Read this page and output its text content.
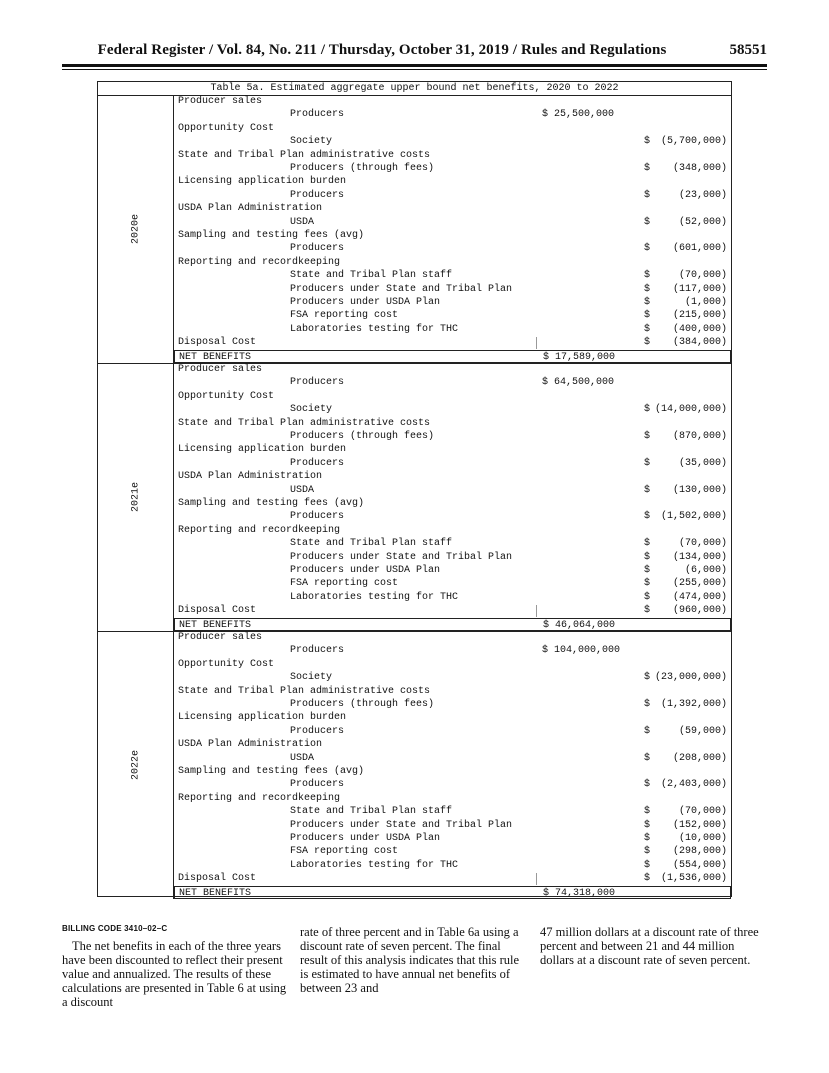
Federal Register / Vol. 84, No. 211 / Thursday, October 31, 2019 / Rules and Regulations	58551
Table 5a. Estimated aggregate upper bound net benefits, 2020 to 2022
2020e
Producer sales
Producers	$ 25,500,000
Opportunity Cost
Society	$ (5,700,000)
State and Tribal Plan administrative costs
Producers (through fees)	$ (348,000)
Licensing application burden
Producers	$	(23,000)
USDA Plan Administration
USDA	$	(52,000)
Sampling and testing fees (avg)
Producers	$ (601,000)
Reporting and recordkeeping
State and Tribal Plan staff	$	(70,000)
Producers under State and Tribal Plan	$ (117,000)
Producers under USDA Plan	$	(1,000)
FSA reporting cost	$ (215,000)
Laboratories testing for THC	$ (400,000)
Disposal Cost	$ (384,000)
NET BENEFITS	$ 17,589,000
2021e
Producer sales
Producers	$ 64,500,000
Opportunity Cost
Society	$ (14,000,000)
State and Tribal Plan administrative costs
Producers (through fees)	$ (870,000)
Licensing application burden
Producers	$	(35,000)
USDA Plan Administration
USDA	$ (130,000)
Sampling and testing fees (avg)
Producers	$ (1,502,000)
Reporting and recordkeeping
State and Tribal Plan staff	$	(70,000)
Producers under State and Tribal Plan	$ (134,000)
Producers under USDA Plan	$	(6,000)
FSA reporting cost	$ (255,000)
Laboratories testing for THC	$ (474,000)
Disposal Cost	$ (960,000)
NET BENEFITS	$ 46,064,000
2022e
Producer sales
Producers	$ 104,000,000
Opportunity Cost
Society	$ (23,000,000)
State and Tribal Plan administrative costs
Producers (through fees)	$ (1,392,000)
Licensing application burden
Producers	$	(59,000)
USDA Plan Administration
USDA	$ (208,000)
Sampling and testing fees (avg)
Producers	$ (2,403,000)
Reporting and recordkeeping
State and Tribal Plan staff	$	(70,000)
Producers under State and Tribal Plan	$ (152,000)
Producers under USDA Plan	$	(10,000)
FSA reporting cost	$ (298,000)
Laboratories testing for THC	$ (554,000)
Disposal Cost	$ (1,536,000)
NET BENEFITS	$ 74,318,000
BILLING CODE 3410–02–C

The net benefits in each of the three years have been discounted to reflect their present value and annualized. The results of these calculations are presented in Table 6 at using a discount

rate of three percent and in Table 6a using a discount rate of seven percent. The final result of this analysis indicates that this rule is estimated to have annual net benefits of between 23 and

47 million dollars at a discount rate of three percent and between 21 and 44 million dollars at a discount rate of seven percent.
